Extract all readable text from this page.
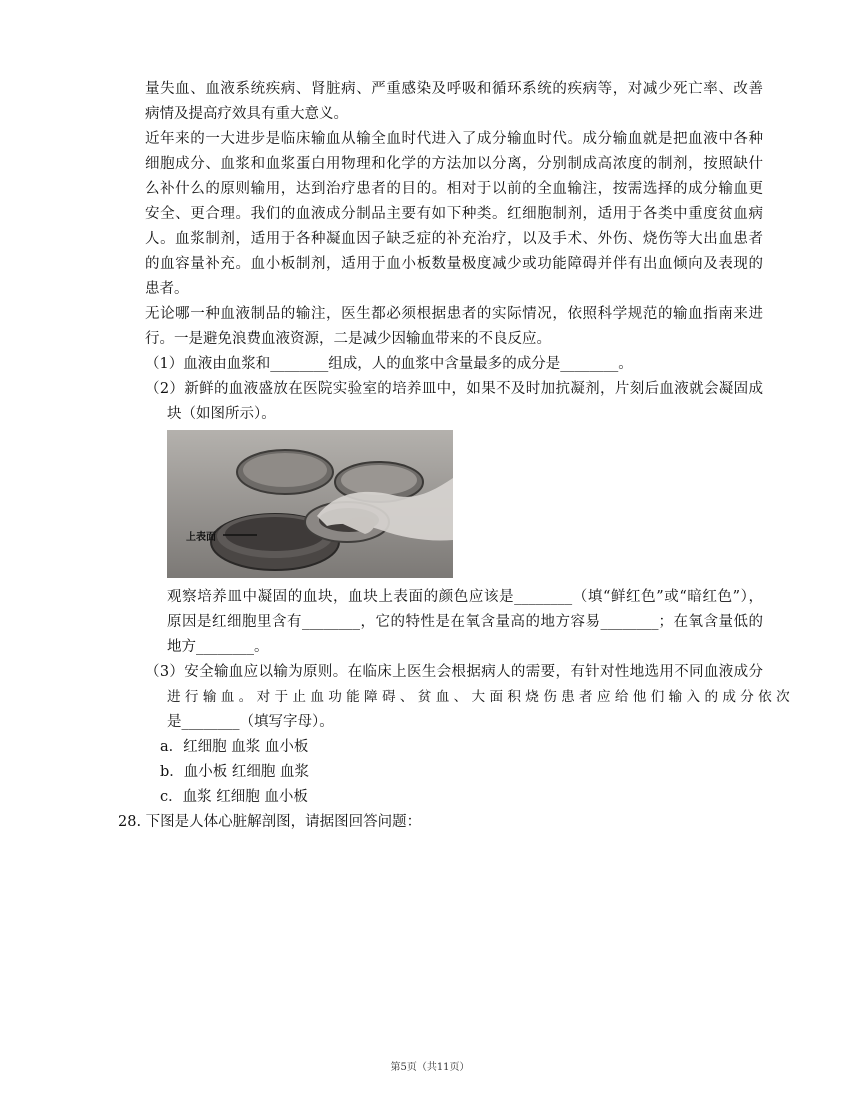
量失血、血液系统疾病、肾脏病、严重感染及呼吸和循环系统的疾病等，对减少死亡率、改善
病情及提高疗效具有重大意义。
近年来的一大进步是临床输血从输全血时代进入了成分输血时代。成分输血就是把血液中各种
细胞成分、血浆和血浆蛋白用物理和化学的方法加以分离，分别制成高浓度的制剂，按照缺什
么补什么的原则输用，达到治疗患者的目的。相对于以前的全血输注，按需选择的成分输血更
安全、更合理。我们的血液成分制品主要有如下种类。红细胞制剂，适用于各类中重度贫血病
人。血浆制剂，适用于各种凝血因子缺乏症的补充治疗，以及手术、外伤、烧伤等大出血患者
的血容量补充。血小板制剂，适用于血小板数量极度减少或功能障碍并伴有出血倾向及表现的
患者。
无论哪一种血液制品的输注，医生都必须根据患者的实际情况，依照科学规范的输血指南来进
行。一是避免浪费血液资源，二是减少因输血带来的不良反应。
（1）血液由血浆和________组成，人的血浆中含量最多的成分是________。
（2）新鲜的血液盛放在医院实验室的培养皿中，如果不及时加抗凝剂，片刻后血液就会凝固成
块（如图所示）。
上表面
观察培养皿中凝固的血块，血块上表面的颜色应该是________（填“鲜红色”或“暗红色”），
原因是红细胞里含有________，它的特性是在氧含量高的地方容易________；在氧含量低的
地方________。
（3）安全输血应以输为原则。在临床上医生会根据病人的需要，有针对性地选用不同血液成分
进 行 输 血 。 对 于 止 血 功 能 障 碍 、 贫 血 、 大 面 积 烧 伤 患 者 应 给 他 们 输 入 的 成 分 依 次
是________（填写字母）。
a．红细胞 血浆 血小板
b．血小板 红细胞 血浆
c．血浆 红细胞 血小板
28. 下图是人体心脏解剖图，请据图回答问题：
第5页（共11页）
